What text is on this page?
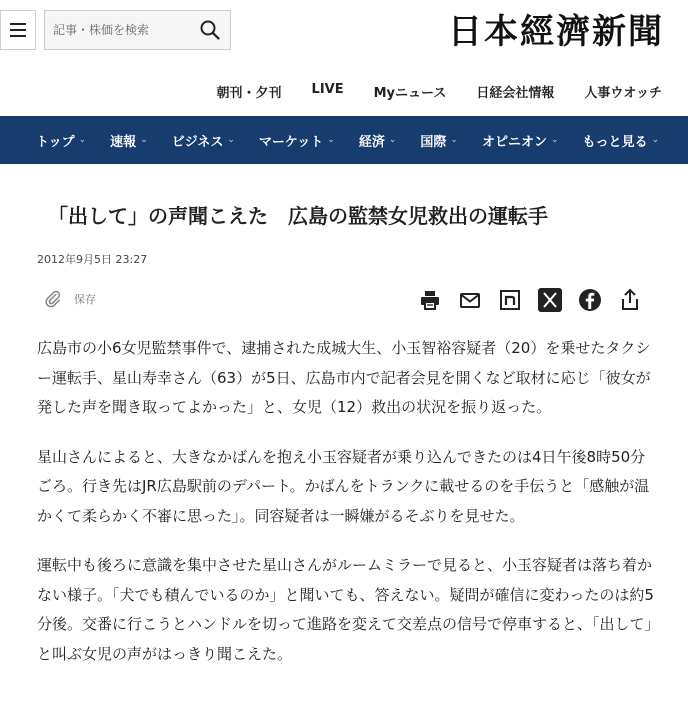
記事・株価を検索
日本經濟新聞
朝刊・夕刊 LIVE Myニュース 日経会社情報 人事ウオッチ
トップ ⌄ 速報 ⌄ ビジネス ⌄ マーケット ⌄ 経済 ⌄ 国際 ⌄ オピニオン ⌄ もっと見る ⌄
「出して」の声聞こえた　広島の監禁女児救出の運転手
2012年9月5日 23:27
保存

広島市の小6女児監禁事件で、逮捕された成城大生、小玉智裕容疑者（20）を乗せたタクシー運転手、星山寿幸さん（63）が5日、広島市内で記者会見を開くなど取材に応じ「彼女が発した声を聞き取ってよかった」と、女児（12）救出の状況を振り返った。

星山さんによると、大きなかばんを抱え小玉容疑者が乗り込んできたのは4日午後8時50分ごろ。行き先はJR広島駅前のデパート。かばんをトランクに載せるのを手伝うと「感触が温かくて柔らかく不審に思った」。同容疑者は一瞬嫌がるそぶりを見せた。

運転中も後ろに意識を集中させた星山さんがルームミラーで見ると、小玉容疑者は落ち着かない様子。「犬でも積んでいるのか」と聞いても、答えない。疑問が確信に変わったのは約5分後。交番に行こうとハンドルを切って進路を変えて交差点の信号で停車すると、「出して」と叫ぶ女児の声がはっきり聞こえた。
